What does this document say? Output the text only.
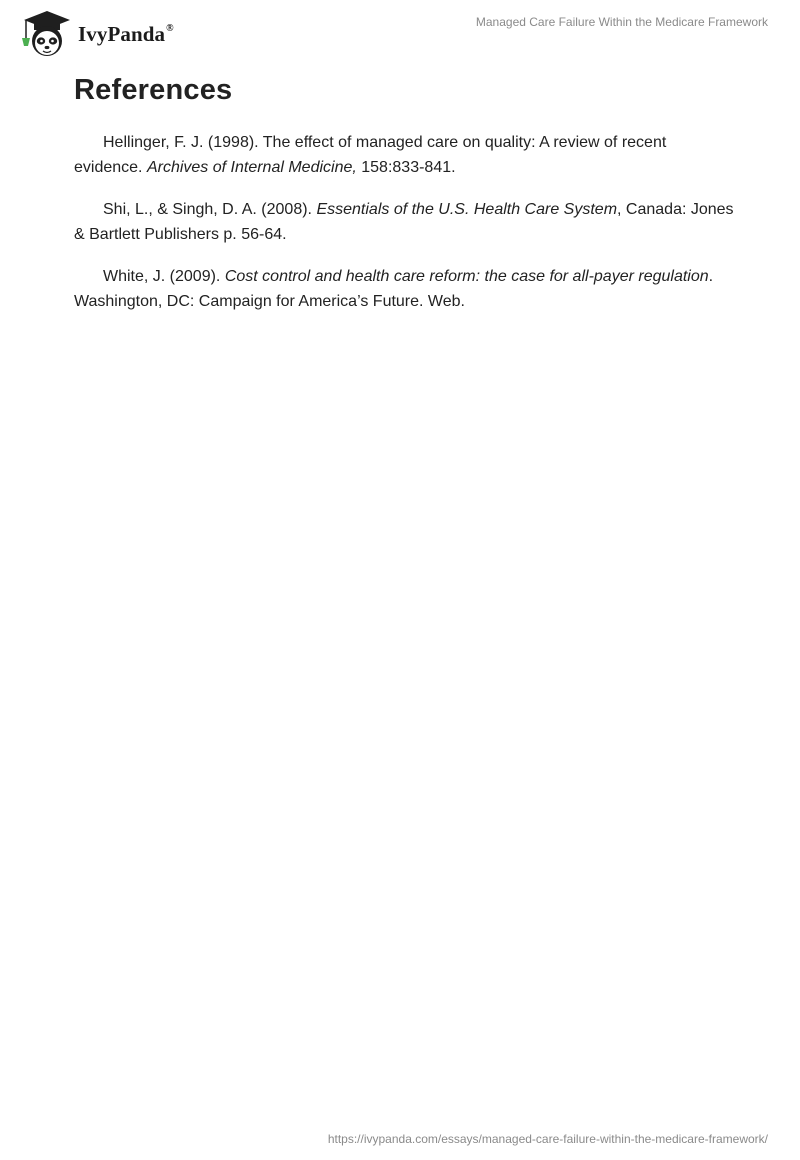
IvyPanda®	Managed Care Failure Within the Medicare Framework
References

Hellinger, F. J. (1998). The effect of managed care on quality: A review of recent evidence. Archives of Internal Medicine, 158:833-841.

Shi, L., & Singh, D. A. (2008). Essentials of the U.S. Health Care System, Canada: Jones & Bartlett Publishers p. 56-64.

White, J. (2009). Cost control and health care reform: the case for all-payer regulation. Washington, DC: Campaign for America’s Future. Web.

https://ivypanda.com/essays/managed-care-failure-within-the-medicare-framework/
